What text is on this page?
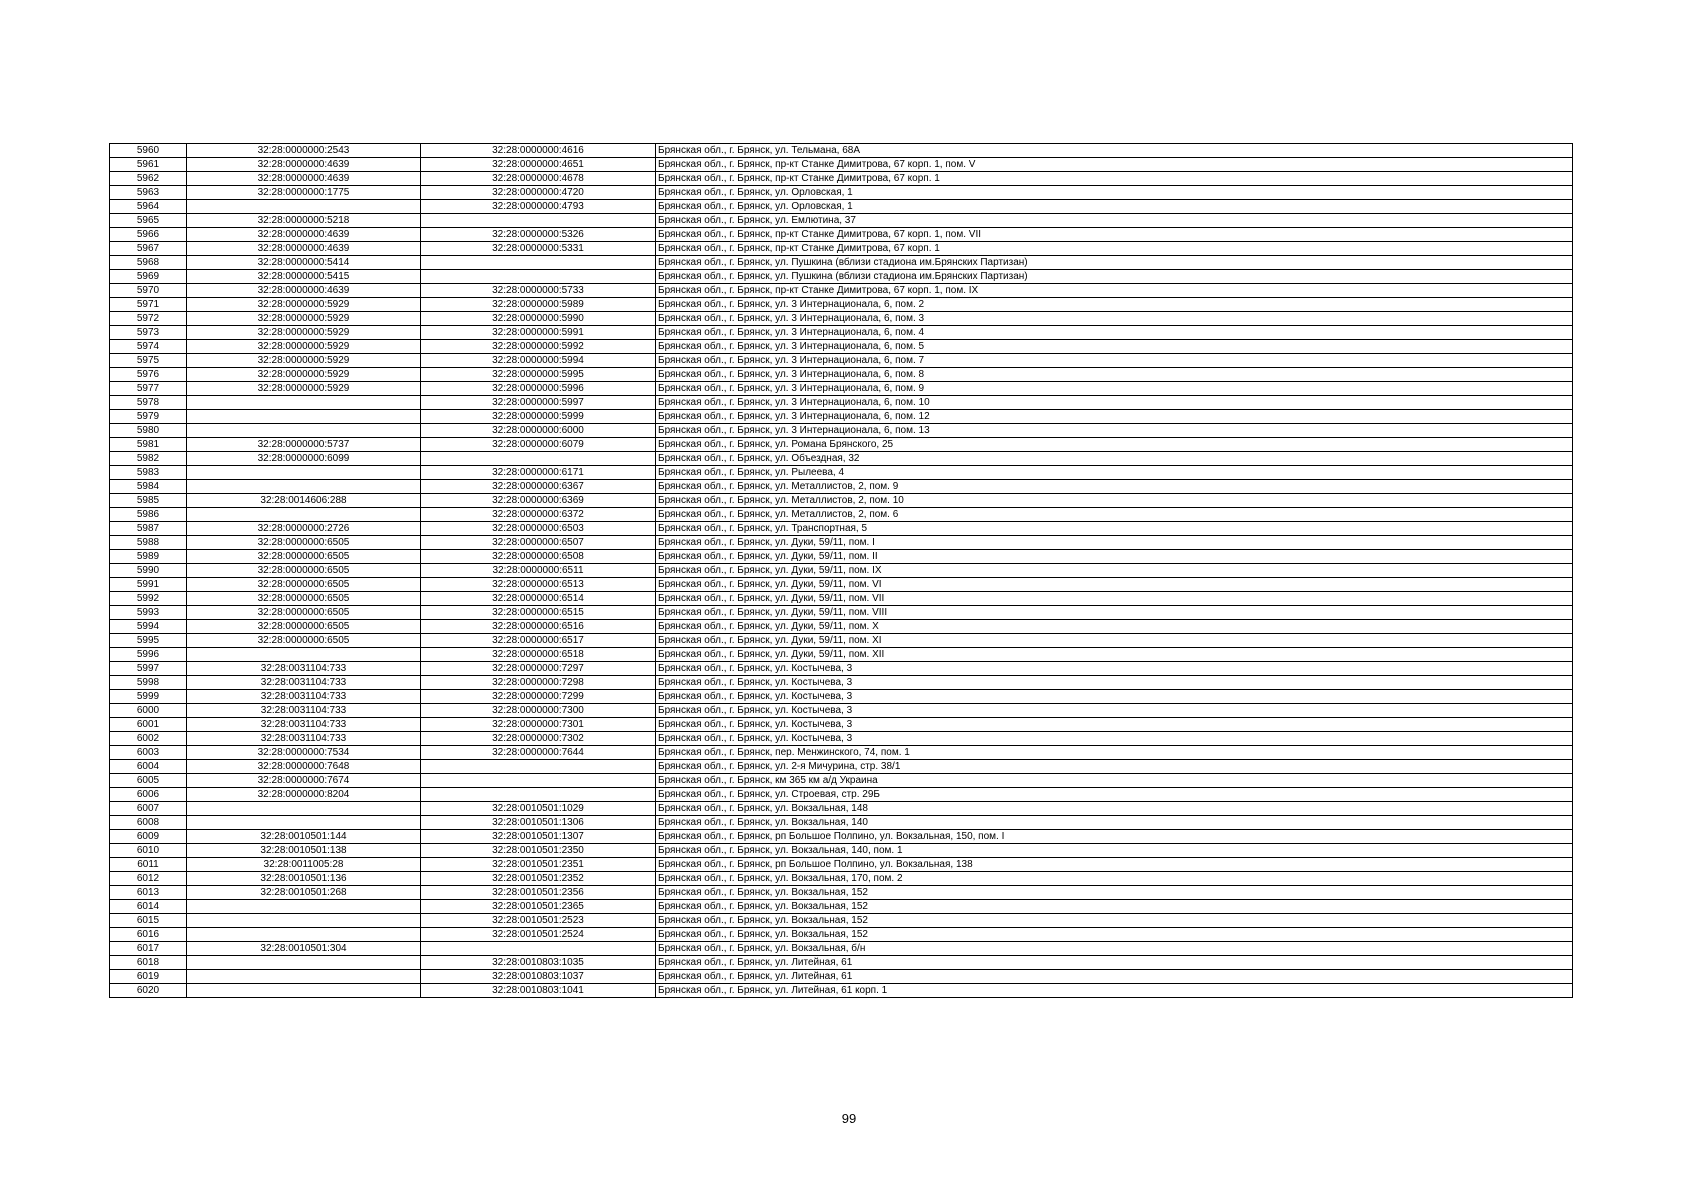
5960	32:28:0000000:2543	32:28:0000000:4616	Брянская обл., г. Брянск, ул. Тельмана, 68А
5961	32:28:0000000:4639	32:28:0000000:4651	Брянская обл., г. Брянск, пр-кт Станке Димитрова, 67 корп. 1, пом. V
5962	32:28:0000000:4639	32:28:0000000:4678	Брянская обл., г. Брянск, пр-кт Станке Димитрова, 67 корп. 1
5963	32:28:0000000:1775	32:28:0000000:4720	Брянская обл., г. Брянск, ул. Орловская, 1
5964		32:28:0000000:4793	Брянская обл., г. Брянск, ул. Орловская, 1
5965	32:28:0000000:5218		Брянская обл., г. Брянск, ул. Емлютина, 37
5966	32:28:0000000:4639	32:28:0000000:5326	Брянская обл., г. Брянск, пр-кт Станке Димитрова, 67 корп. 1, пом. VII
5967	32:28:0000000:4639	32:28:0000000:5331	Брянская обл., г. Брянск, пр-кт Станке Димитрова, 67 корп. 1
5968	32:28:0000000:5414		Брянская обл., г. Брянск, ул. Пушкина (вблизи стадиона им.Брянских Партизан)
5969	32:28:0000000:5415		Брянская обл., г. Брянск, ул. Пушкина (вблизи стадиона им.Брянских Партизан)
5970	32:28:0000000:4639	32:28:0000000:5733	Брянская обл., г. Брянск, пр-кт Станке Димитрова, 67 корп. 1, пом. IX
5971	32:28:0000000:5929	32:28:0000000:5989	Брянская обл., г. Брянск, ул. 3 Интернационала, 6, пом. 2
5972	32:28:0000000:5929	32:28:0000000:5990	Брянская обл., г. Брянск, ул. 3 Интернационала, 6, пом. 3
5973	32:28:0000000:5929	32:28:0000000:5991	Брянская обл., г. Брянск, ул. 3 Интернационала, 6, пом. 4
5974	32:28:0000000:5929	32:28:0000000:5992	Брянская обл., г. Брянск, ул. 3 Интернационала, 6, пом. 5
5975	32:28:0000000:5929	32:28:0000000:5994	Брянская обл., г. Брянск, ул. 3 Интернационала, 6, пом. 7
5976	32:28:0000000:5929	32:28:0000000:5995	Брянская обл., г. Брянск, ул. 3 Интернационала, 6, пом. 8
5977	32:28:0000000:5929	32:28:0000000:5996	Брянская обл., г. Брянск, ул. 3 Интернационала, 6, пом. 9
5978		32:28:0000000:5997	Брянская обл., г. Брянск, ул. 3 Интернационала, 6, пом. 10
5979		32:28:0000000:5999	Брянская обл., г. Брянск, ул. 3 Интернационала, 6, пом. 12
5980		32:28:0000000:6000	Брянская обл., г. Брянск, ул. 3 Интернационала, 6, пом. 13
5981	32:28:0000000:5737	32:28:0000000:6079	Брянская обл., г. Брянск, ул. Романа Брянского, 25
5982	32:28:0000000:6099		Брянская обл., г. Брянск, ул. Объездная, 32
5983		32:28:0000000:6171	Брянская обл., г. Брянск, ул. Рылеева, 4
5984		32:28:0000000:6367	Брянская обл., г. Брянск, ул. Металлистов, 2, пом. 9
5985	32:28:0014606:288	32:28:0000000:6369	Брянская обл., г. Брянск, ул. Металлистов, 2, пом. 10
5986		32:28:0000000:6372	Брянская обл., г. Брянск, ул. Металлистов, 2, пом. 6
5987	32:28:0000000:2726	32:28:0000000:6503	Брянская обл., г. Брянск, ул. Транспортная, 5
5988	32:28:0000000:6505	32:28:0000000:6507	Брянская обл., г. Брянск, ул. Дуки, 59/11, пом. I
5989	32:28:0000000:6505	32:28:0000000:6508	Брянская обл., г. Брянск, ул. Дуки, 59/11, пом. II
5990	32:28:0000000:6505	32:28:0000000:6511	Брянская обл., г. Брянск, ул. Дуки, 59/11, пом. IX
5991	32:28:0000000:6505	32:28:0000000:6513	Брянская обл., г. Брянск, ул. Дуки, 59/11, пом. VI
5992	32:28:0000000:6505	32:28:0000000:6514	Брянская обл., г. Брянск, ул. Дуки, 59/11, пом. VII
5993	32:28:0000000:6505	32:28:0000000:6515	Брянская обл., г. Брянск, ул. Дуки, 59/11, пом. VIII
5994	32:28:0000000:6505	32:28:0000000:6516	Брянская обл., г. Брянск, ул. Дуки, 59/11, пом. X
5995	32:28:0000000:6505	32:28:0000000:6517	Брянская обл., г. Брянск, ул. Дуки, 59/11, пом. XI
5996		32:28:0000000:6518	Брянская обл., г. Брянск, ул. Дуки, 59/11, пом. XII
5997	32:28:0031104:733	32:28:0000000:7297	Брянская обл., г. Брянск, ул. Костычева, 3
5998	32:28:0031104:733	32:28:0000000:7298	Брянская обл., г. Брянск, ул. Костычева, 3
5999	32:28:0031104:733	32:28:0000000:7299	Брянская обл., г. Брянск, ул. Костычева, 3
6000	32:28:0031104:733	32:28:0000000:7300	Брянская обл., г. Брянск, ул. Костычева, 3
6001	32:28:0031104:733	32:28:0000000:7301	Брянская обл., г. Брянск, ул. Костычева, 3
6002	32:28:0031104:733	32:28:0000000:7302	Брянская обл., г. Брянск, ул. Костычева, 3
6003	32:28:0000000:7534	32:28:0000000:7644	Брянская обл., г. Брянск, пер. Менжинского, 74, пом. 1
6004	32:28:0000000:7648		Брянская обл., г. Брянск, ул. 2-я Мичурина, стр. 38/1
6005	32:28:0000000:7674		Брянская обл., г. Брянск, км 365 км а/д Украина
6006	32:28:0000000:8204		Брянская обл., г. Брянск, ул. Строевая, стр. 29Б
6007		32:28:0010501:1029	Брянская обл., г. Брянск, ул. Вокзальная, 148
6008		32:28:0010501:1306	Брянская обл., г. Брянск, ул. Вокзальная, 140
6009	32:28:0010501:144	32:28:0010501:1307	Брянская обл., г. Брянск, рп Большое Полпино, ул. Вокзальная, 150, пом. I
6010	32:28:0010501:138	32:28:0010501:2350	Брянская обл., г. Брянск, ул. Вокзальная, 140, пом. 1
6011	32:28:0011005:28	32:28:0010501:2351	Брянская обл., г. Брянск, рп Большое Полпино, ул. Вокзальная, 138
6012	32:28:0010501:136	32:28:0010501:2352	Брянская обл., г. Брянск, ул. Вокзальная, 170, пом. 2
6013	32:28:0010501:268	32:28:0010501:2356	Брянская обл., г. Брянск, ул. Вокзальная, 152
6014		32:28:0010501:2365	Брянская обл., г. Брянск, ул. Вокзальная, 152
6015		32:28:0010501:2523	Брянская обл., г. Брянск, ул. Вокзальная, 152
6016		32:28:0010501:2524	Брянская обл., г. Брянск, ул. Вокзальная, 152
6017	32:28:0010501:304		Брянская обл., г. Брянск, ул. Вокзальная, б/н
6018		32:28:0010803:1035	Брянская обл., г. Брянск, ул. Литейная, 61
6019		32:28:0010803:1037	Брянская обл., г. Брянск, ул. Литейная, 61
6020		32:28:0010803:1041	Брянская обл., г. Брянск, ул. Литейная, 61 корп. 1
99
